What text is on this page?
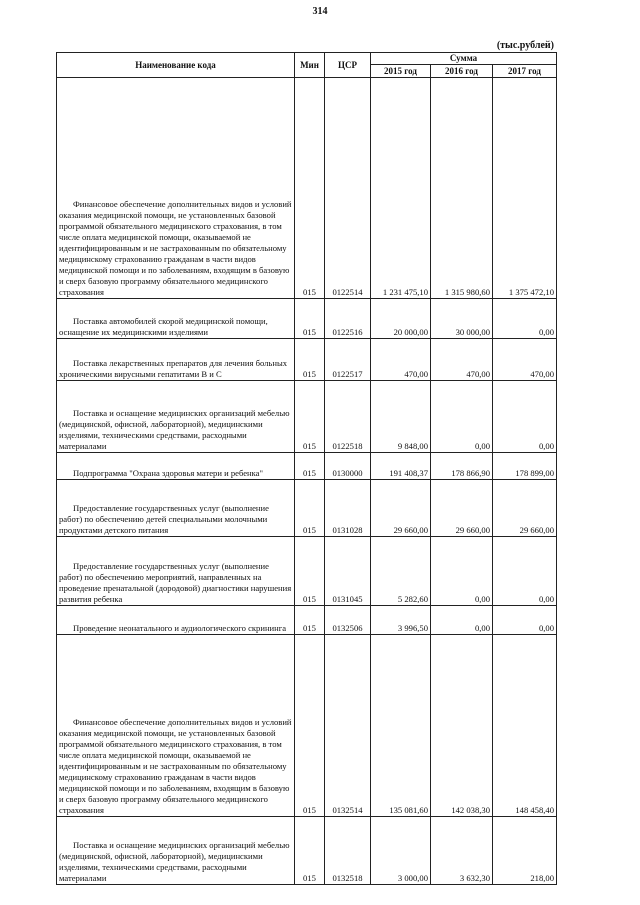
314
(тыс.рублей)
Наименование кода	Мин	ЦСР	Сумма		
			2015 год	2016 год	2017 год
Финансовое обеспечение дополнительных видов и условий оказания медицинской помощи, не установленных базовой программой обязательного медицинского страхования, в том числе оплата медицинской помощи, оказываемой не идентифицированным и не застрахованным по обязательному медицинскому страхованию гражданам в части видов медицинской помощи и по заболеваниям, входящим в базовую и сверх базовую программу обязательного медицинского страхования	015	0122514	1 231 475,10	1 315 980,60	1 375 472,10
Поставка автомобилей скорой медицинской помощи, оснащение их медицинскими изделиями	015	0122516	20 000,00	30 000,00	0,00
Поставка лекарственных препаратов для лечения больных хроническими вирусными гепатитами В и С	015	0122517	470,00	470,00	470,00
Поставка и оснащение медицинских организаций мебелью (медицинской, офисной, лабораторной), медицинскими изделиями, техническими средствами, расходными материалами	015	0122518	9 848,00	0,00	0,00
Подпрограмма "Охрана здоровья матери и ребенка"	015	0130000	191 408,37	178 866,90	178 899,00
Предоставление государственных услуг (выполнение работ) по обеспечению детей специальными молочными продуктами детского питания	015	0131028	29 660,00	29 660,00	29 660,00
Предоставление государственных услуг (выполнение работ) по обеспечению мероприятий, направленных на проведение пренатальной (дородовой) диагностики нарушения развития ребенка	015	0131045	5 282,60	0,00	0,00
Проведение неонатального и аудиологического скрининга	015	0132506	3 996,50	0,00	0,00
Финансовое обеспечение дополнительных видов и условий оказания медицинской помощи, не установленных базовой программой обязательного медицинского страхования, в том числе оплата медицинской помощи, оказываемой не идентифицированным и не застрахованным по обязательному медицинскому страхованию гражданам в части видов медицинской помощи и по заболеваниям, входящим в базовую и сверх базовую программу обязательного медицинского страхования	015	0132514	135 081,60	142 038,30	148 458,40
Поставка и оснащение медицинских организаций мебелью (медицинской, офисной, лабораторной), медицинскими изделиями, техническими средствами, расходными материалами	015	0132518	3 000,00	3 632,30	218,00
